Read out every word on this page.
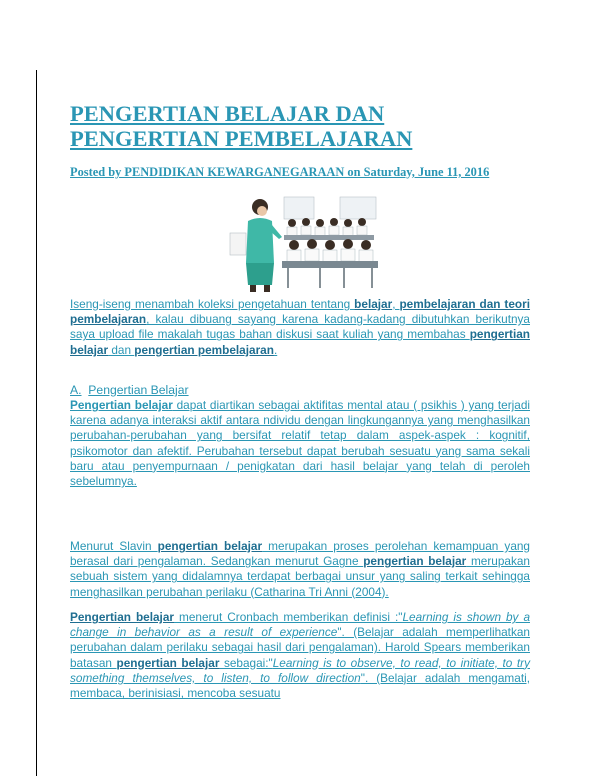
PENGERTIAN BELAJAR DAN
PENGERTIAN PEMBELAJARAN

Posted by PENDIDIKAN KEWARGANEGARAAN on Saturday, June 11, 2016

Iseng-iseng menambah koleksi pengetahuan tentang belajar, pembelajaran dan teori pembelajaran, kalau dibuang sayang karena kadang-kadang dibutuhkan berikutnya saya upload file makalah tugas bahan diskusi saat kuliah yang membahas pengertian belajar dan pengertian pembelajaran.

A. Pengertian Belajar

Pengertian belajar dapat diartikan sebagai aktifitas mental atau ( psikhis ) yang terjadi karena adanya interaksi aktif antara ndividu dengan lingkungannya yang menghasilkan perubahan-perubahan yang bersifat relatif tetap dalam aspek-aspek : kognitif, psikomotor dan afektif. Perubahan tersebut dapat berubah sesuatu yang sama sekali baru atau penyempurnaan / penigkatan dari hasil belajar yang telah di peroleh sebelumnya.

Menurut Slavin pengertian belajar merupakan proses perolehan kemampuan yang berasal dari pengalaman. Sedangkan menurut Gagne pengertian belajar merupakan sebuah sistem yang didalamnya terdapat berbagai unsur yang saling terkait sehingga menghasilkan perubahan perilaku (Catharina Tri Anni (2004).

Pengertian belajar menerut Cronbach memberikan definisi :"Learning is shown by a change in behavior as a result of experience". (Belajar adalah memperlihatkan perubahan dalam perilaku sebagai hasil dari pengalaman). Harold Spears memberikan batasan pengertian belajar sebagai:"Learning is to observe, to read, to initiate, to try something themselves, to listen, to follow direction". (Belajar adalah mengamati, membaca, berinisiasi, mencoba sesuatu
